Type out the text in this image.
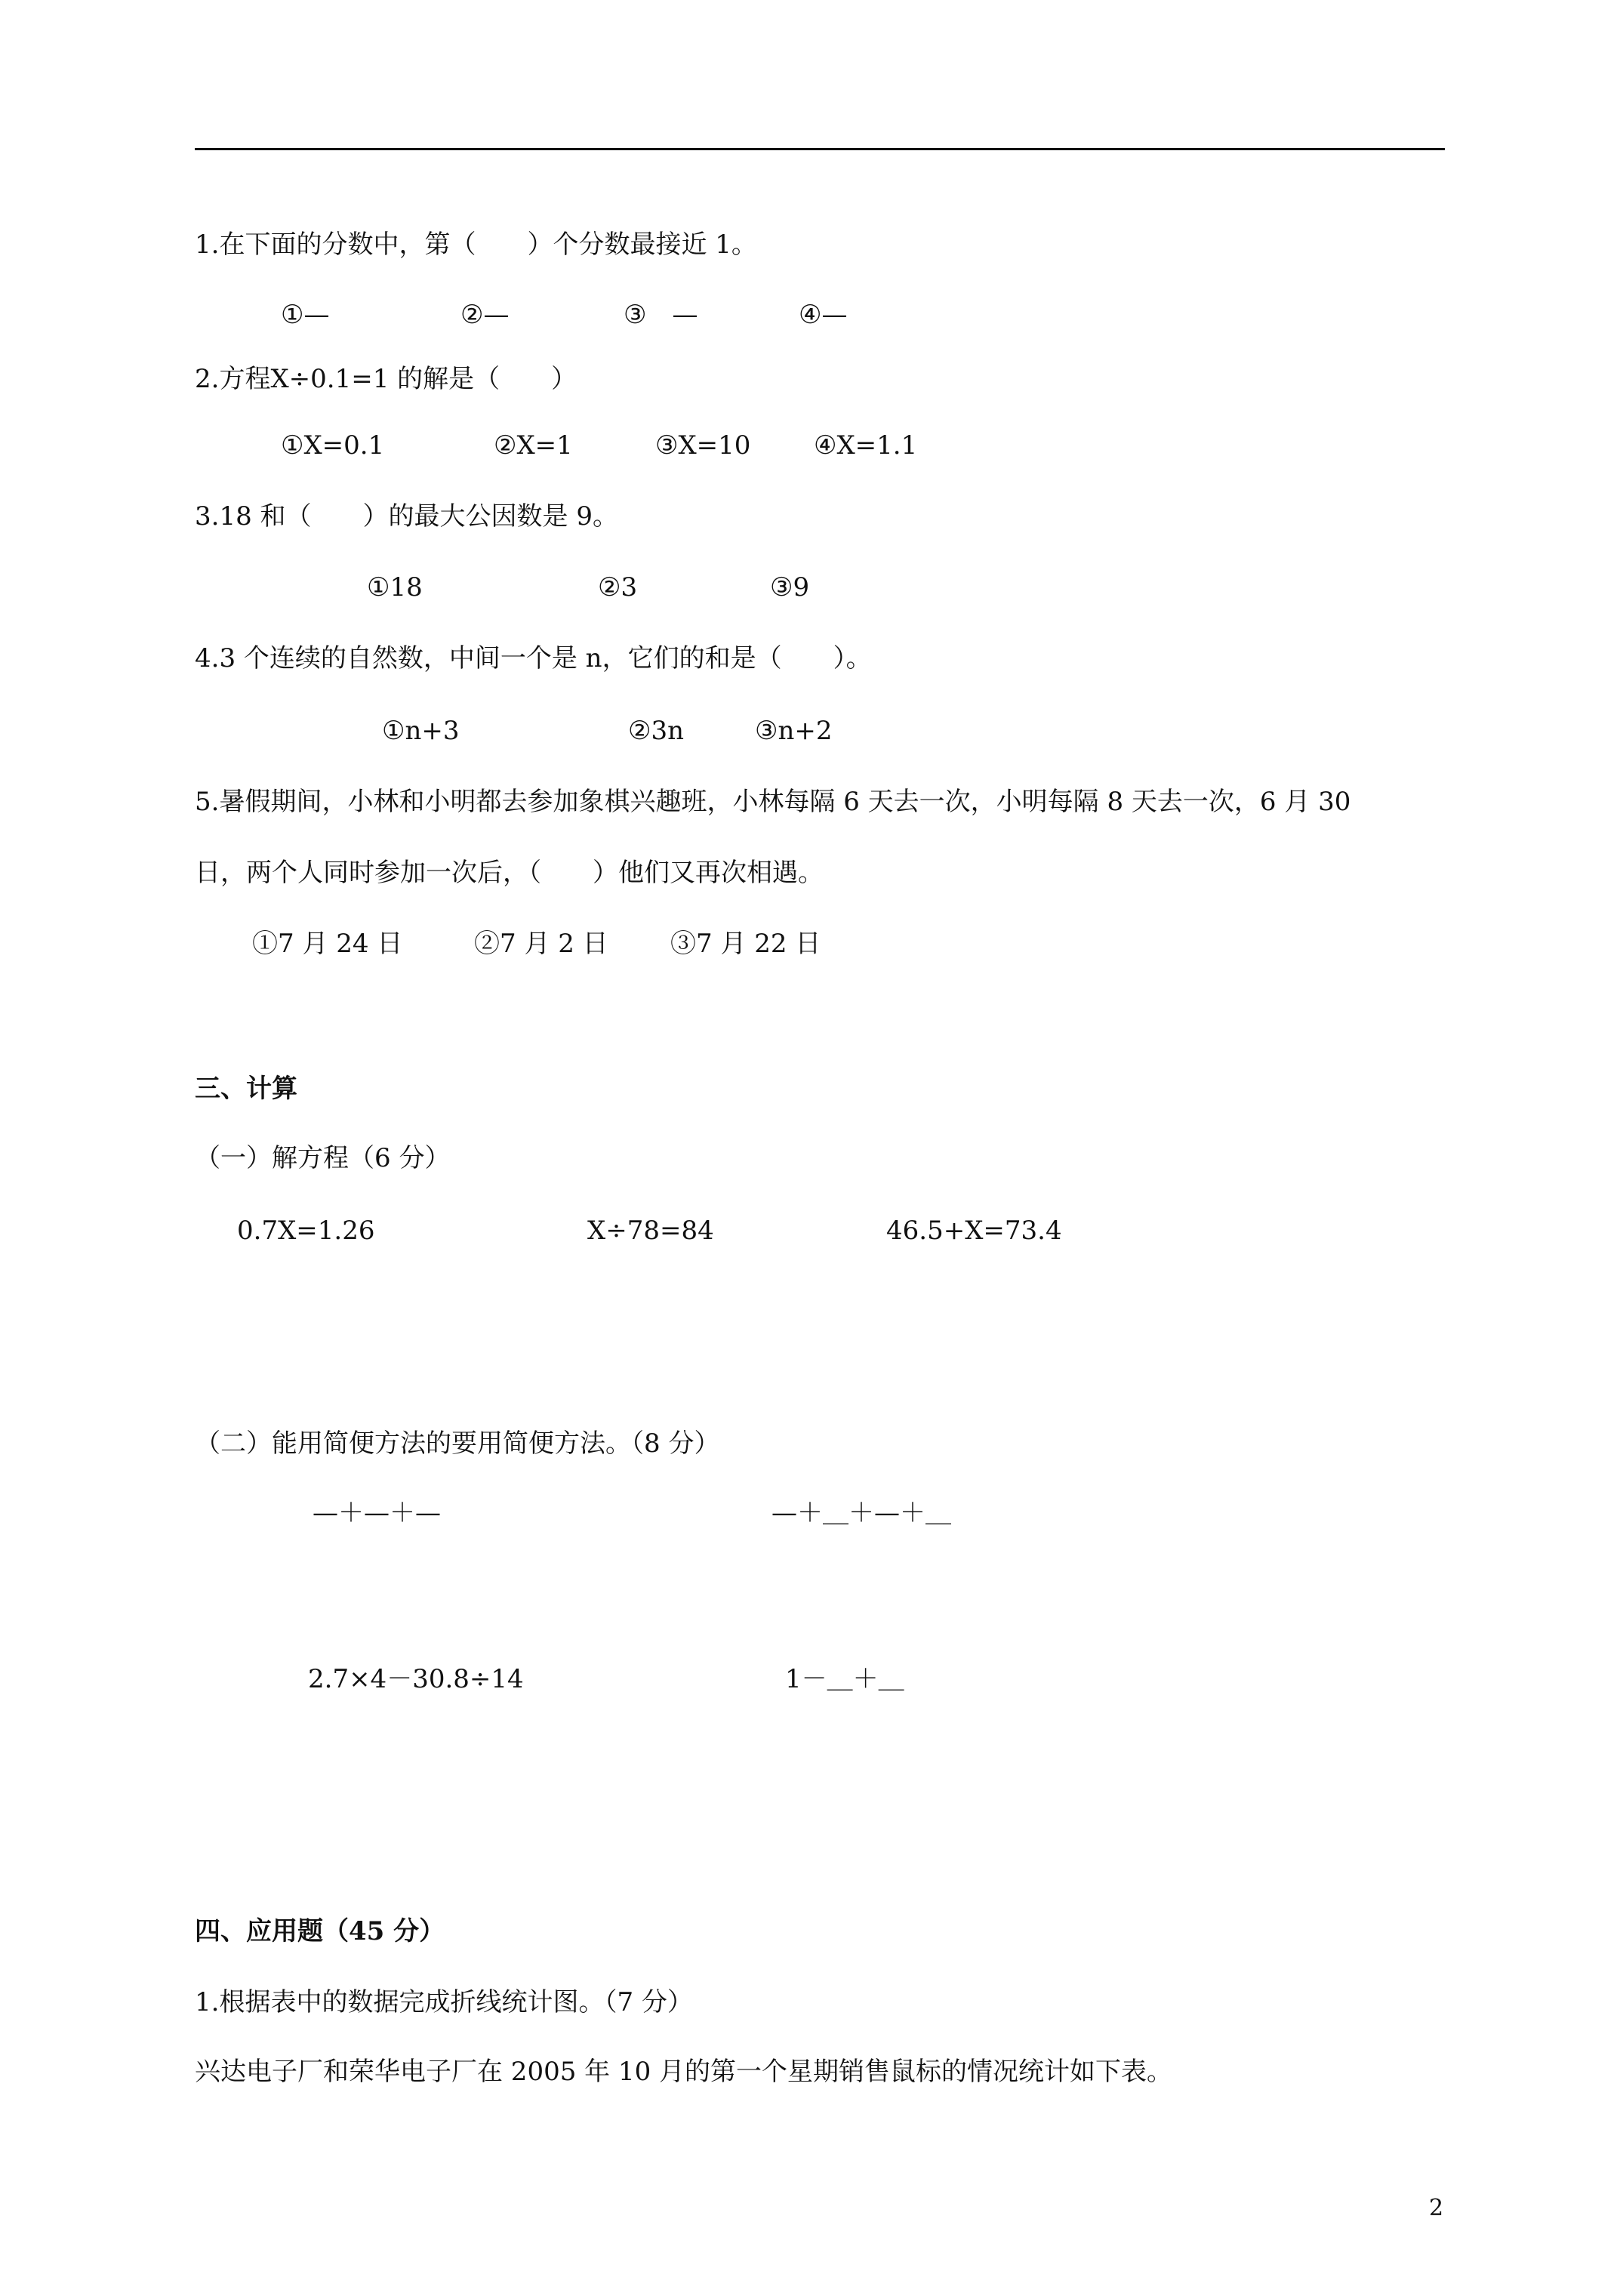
1.在下面的分数中，第（　　）个分数最接近 1。
①—	②—	③　—	④—
2.方程Ⅹ÷0.1=1 的解是（　　）
①Ⅹ=0.1	②Ⅹ=1	③Ⅹ=10 ④Ⅹ=1.1
3.18 和（　　）的最大公因数是 9。
①18	②3	③9
4.3 个连续的自然数，中间一个是 n，它们的和是（　　）。
①n+3	②3n	③n+2
5.暑假期间，小林和小明都去参加象棋兴趣班，小林每隔 6 天去一次，小明每隔 8 天去一次，6 月 30
日，两个人同时参加一次后，（　　）他们又再次相遇。
①7 月 24 日	②7 月 2 日 ③7 月 22 日
三、计算
（一）解方程（6 分）
0.7Ⅹ=1.26	Ⅹ÷78=84	46.5+Ⅹ=73.4
（二）能用简便方法的要用简便方法。（8 分）
—＋—＋—	—＋＿＋—＋＿
2.7×4－30.8÷14	1－＿＋＿
四、应用题（45 分）
1.根据表中的数据完成折线统计图。（7 分）
兴达电子厂和荣华电子厂在 2005 年 10 月的第一个星期销售鼠标的情况统计如下表。
2
